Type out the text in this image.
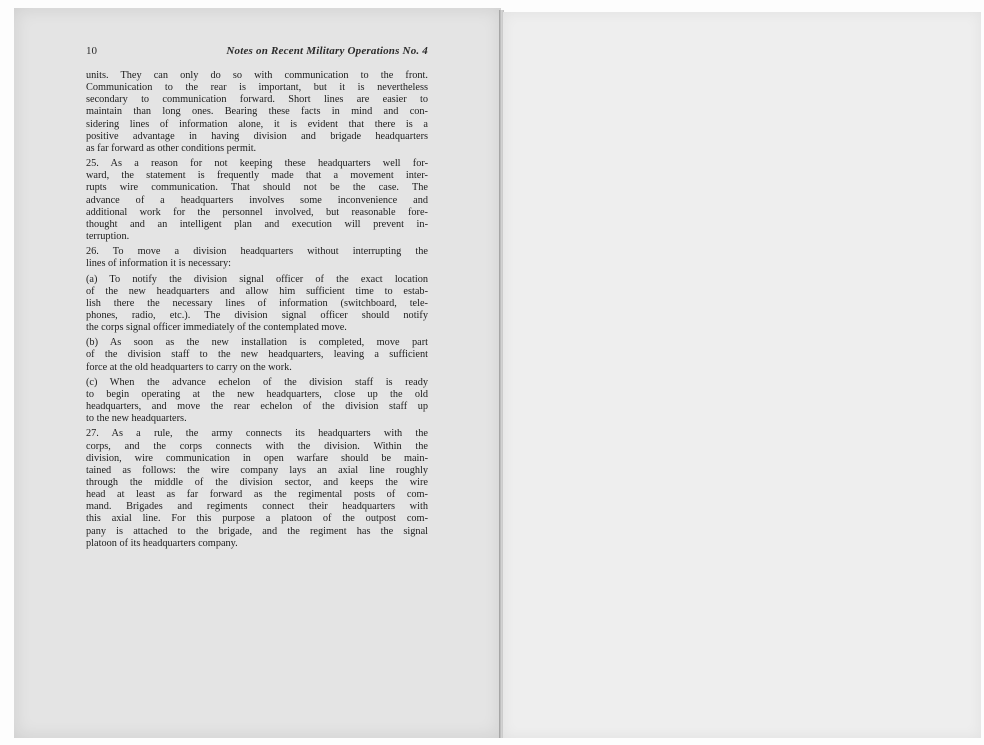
10	Notes on Recent Military Operations No. 4

units. They can only do so with communication to the front.
Communication to the rear is important, but it is nevertheless
secondary to communication forward. Short lines are easier to
maintain than long ones. Bearing these facts in mind and con-
sidering lines of information alone, it is evident that there is a
positive advantage in having division and brigade headquarters
as far forward as other conditions permit.

25. As a reason for not keeping these headquarters well for-
ward, the statement is frequently made that a movement inter-
rupts wire communication. That should not be the case. The
advance of a headquarters involves some inconvenience and
additional work for the personnel involved, but reasonable fore-
thought and an intelligent plan and execution will prevent in-
terruption.

26. To move a division headquarters without interrupting the
lines of information it is necessary:

(a) To notify the division signal officer of the exact location
of the new headquarters and allow him sufficient time to estab-
lish there the necessary lines of information (switchboard, tele-
phones, radio, etc.). The division signal officer should notify
the corps signal officer immediately of the contemplated move.

(b) As soon as the new installation is completed, move part
of the division staff to the new headquarters, leaving a sufficient
force at the old headquarters to carry on the work.

(c) When the advance echelon of the division staff is ready
to begin operating at the new headquarters, close up the old
headquarters, and move the rear echelon of the division staff up
to the new headquarters.

27. As a rule, the army connects its headquarters with the
corps, and the corps connects with the division. Within the
division, wire communication in open warfare should be main-
tained as follows: the wire company lays an axial line roughly
through the middle of the division sector, and keeps the wire
head at least as far forward as the regimental posts of com-
mand. Brigades and regiments connect their headquarters with
this axial line. For this purpose a platoon of the outpost com-
pany is attached to the brigade, and the regiment has the signal
platoon of its headquarters company.
